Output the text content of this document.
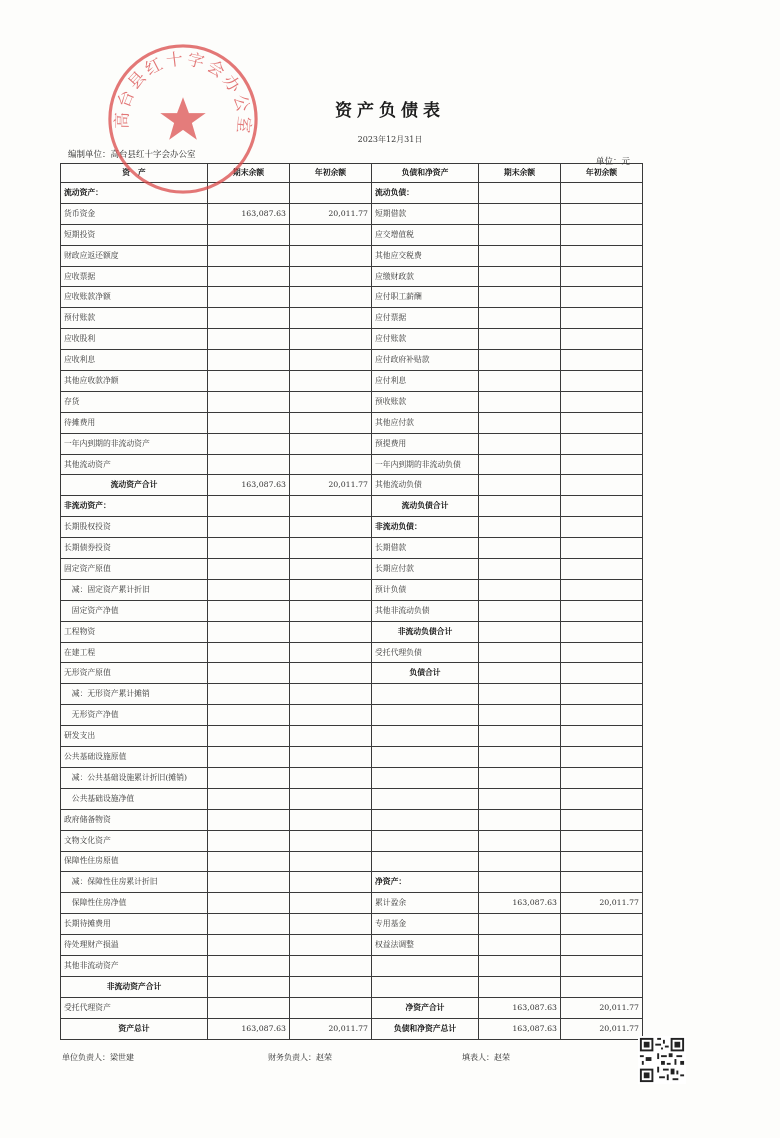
资产负债表
2023年12月31日
编制单位：高台县红十字会办公室
单位：元
资　产	期末余额	年初余额	负债和净资产	期末余额	年初余额
流动资产：			流动负债：		
货币资金	163,087.63	20,011.77	短期借款		
短期投资			应交增值税		
财政应返还额度			其他应交税费		
应收票据			应缴财政款		
应收账款净额			应付职工薪酬		
预付账款			应付票据		
应收股利			应付账款		
应收利息			应付政府补贴款		
其他应收款净额			应付利息		
存货			预收账款		
待摊费用			其他应付款		
一年内到期的非流动资产			预提费用		
其他流动资产			一年内到期的非流动负债		
流动资产合计	163,087.63	20,011.77	其他流动负债		
非流动资产：			流动负债合计		
长期股权投资			非流动负债：		
长期债券投资			长期借款		
固定资产原值			长期应付款		
　减：固定资产累计折旧			预计负债		
　固定资产净值			其他非流动负债		
工程物资			非流动负债合计		
在建工程			受托代理负债		
无形资产原值			负债合计		
　减：无形资产累计摊销					
　无形资产净值					
研发支出					
公共基础设施原值					
　减：公共基础设施累计折旧(摊销)					
　公共基础设施净值					
政府储备物资					
文物文化资产					
保障性住房原值					
　减：保障性住房累计折旧			净资产：		
　保障性住房净值			累计盈余	163,087.63	20,011.77
长期待摊费用			专用基金		
待处理财产损溢			权益法调整		
其他非流动资产					
非流动资产合计					
受托代理资产			净资产合计	163,087.63	20,011.77
资产总计	163,087.63	20,011.77	负债和净资产总计	163,087.63	20,011.77
单位负责人：梁世建	财务负责人：赵荣	填表人：赵荣
高台县红十字会办公室
